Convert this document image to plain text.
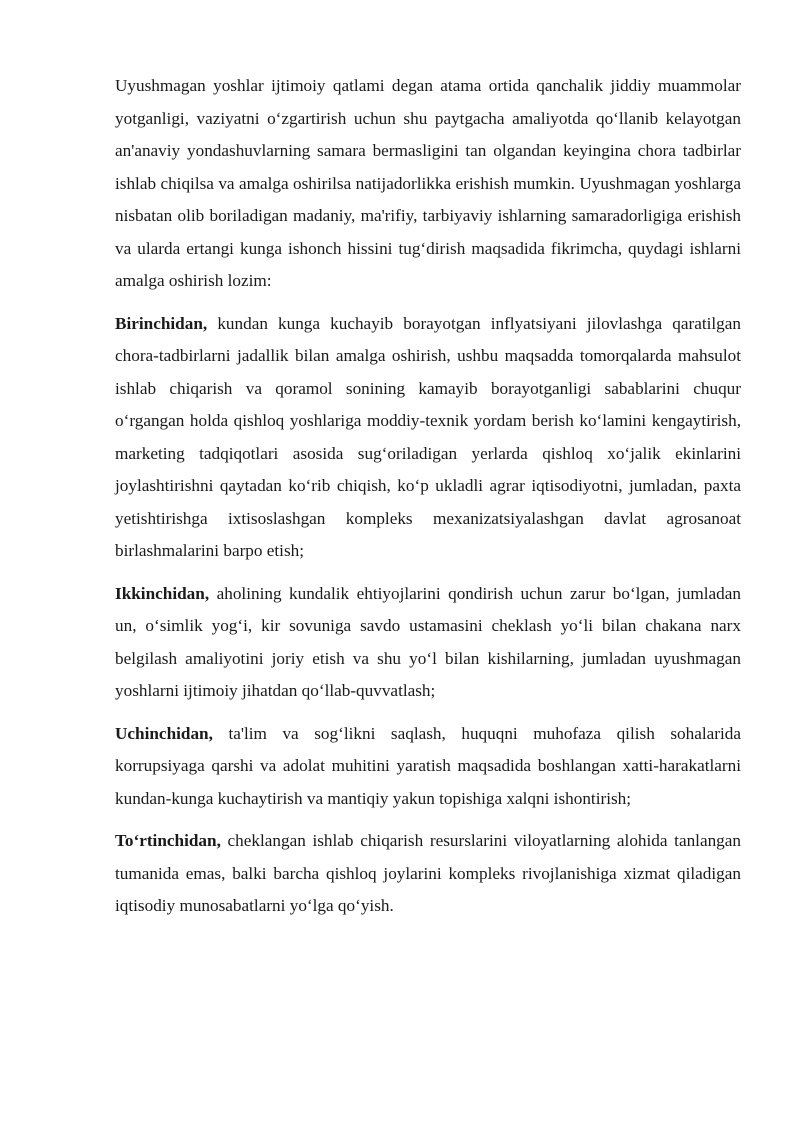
Uyushmagan yoshlar ijtimoiy qatlami degan atama ortida qanchalik jiddiy muammolar yotganligi, vaziyatni o‘zgartirish uchun shu paytgacha amaliyotda qo‘llanib kelayotgan an'anaviy yondashuvlarning samara bermasligini tan olgandan keyingina chora tadbirlar ishlab chiqilsa va amalga oshirilsa natijadorlikka erishish mumkin. Uyushmagan yoshlarga nisbatan olib boriladigan madaniy, ma'rifiy, tarbiyaviy ishlarning samaradorligiga erishish va ularda ertangi kunga ishonch hissini tug‘dirish maqsadida fikrimcha, quydagi ishlarni amalga oshirish lozim:

Birinchidan, kundan kunga kuchayib borayotgan inflyatsiyani jilovlashga qaratilgan chora-tadbirlarni jadallik bilan amalga oshirish, ushbu maqsadda tomorqalarda mahsulot ishlab chiqarish va qoramol sonining kamayib borayotganligi sabablarini chuqur o‘rgangan holda qishloq yoshlariga moddiy-texnik yordam berish ko‘lamini kengaytirish, marketing tadqiqotlari asosida sug‘oriladigan yerlarda qishloq xo‘jalik ekinlarini joylashtirishni qaytadan ko‘rib chiqish, ko‘p ukladli agrar iqtisodiyotni, jumladan, paxta yetishtirishga ixtisoslashgan kompleks mexanizatsiyalashgan davlat agrosanoat birlashmalarini barpo etish;

Ikkinchidan, aholining kundalik ehtiyojlarini qondirish uchun zarur bo‘lgan, jumladan un, o‘simlik yog‘i, kir sovuniga savdo ustamasini cheklash yo‘li bilan chakana narx belgilash amaliyotini joriy etish va shu yo‘l bilan kishilarning, jumladan uyushmagan yoshlarni ijtimoiy jihatdan qo‘llab-quvvatlash;

Uchinchidan, ta'lim va sog‘likni saqlash, huquqni muhofaza qilish sohalarida korrupsiyaga qarshi va adolat muhitini yaratish maqsadida boshlangan xatti-harakatlarni kundan-kunga kuchaytirish va mantiqiy yakun topishiga xalqni ishontirish;

To‘rtinchidan, cheklangan ishlab chiqarish resurslarini viloyatlarning alohida tanlangan tumanida emas, balki barcha qishloq joylarini kompleks rivojlanishiga xizmat qiladigan iqtisodiy munosabatlarni yo‘lga qo‘yish.
